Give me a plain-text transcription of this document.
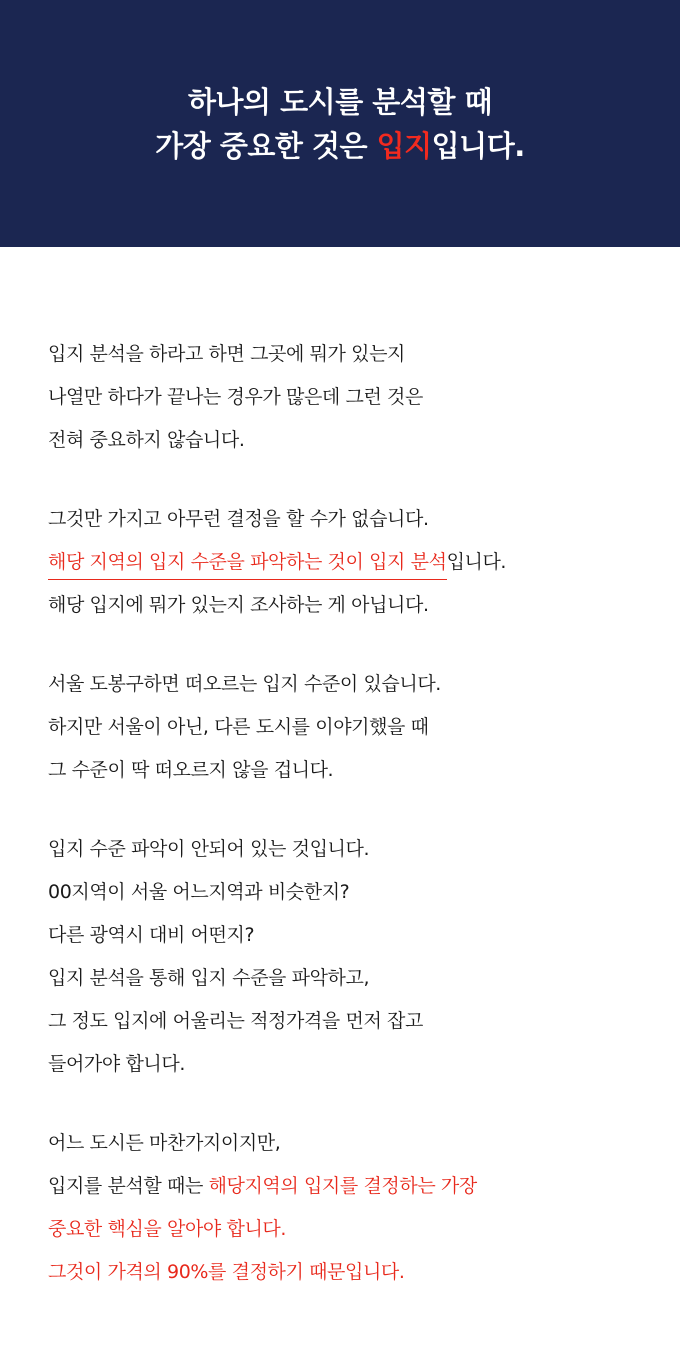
하나의 도시를 분석할 때
가장 중요한 것은 입지입니다.
입지 분석을 하라고 하면 그곳에 뭐가 있는지
나열만 하다가 끝나는 경우가 많은데 그런 것은
전혀 중요하지 않습니다.
그것만 가지고 아무런 결정을 할 수가 없습니다.
해당 지역의 입지 수준을 파악하는 것이 입지 분석입니다.
해당 입지에 뭐가 있는지 조사하는 게 아닙니다.
서울 도봉구하면 떠오르는 입지 수준이 있습니다.
하지만 서울이 아닌, 다른 도시를 이야기했을 때
그 수준이 딱 떠오르지 않을 겁니다.
입지 수준 파악이 안되어 있는 것입니다.
00지역이 서울 어느지역과 비슷한지?
다른 광역시 대비 어떤지?
입지 분석을 통해 입지 수준을 파악하고,
그 정도 입지에 어울리는 적정가격을 먼저 잡고
들어가야 합니다.
어느 도시든 마찬가지이지만,
입지를 분석할 때는 해당지역의 입지를 결정하는 가장
중요한 핵심을 알아야 합니다.
그것이 가격의 90%를 결정하기 때문입니다.
